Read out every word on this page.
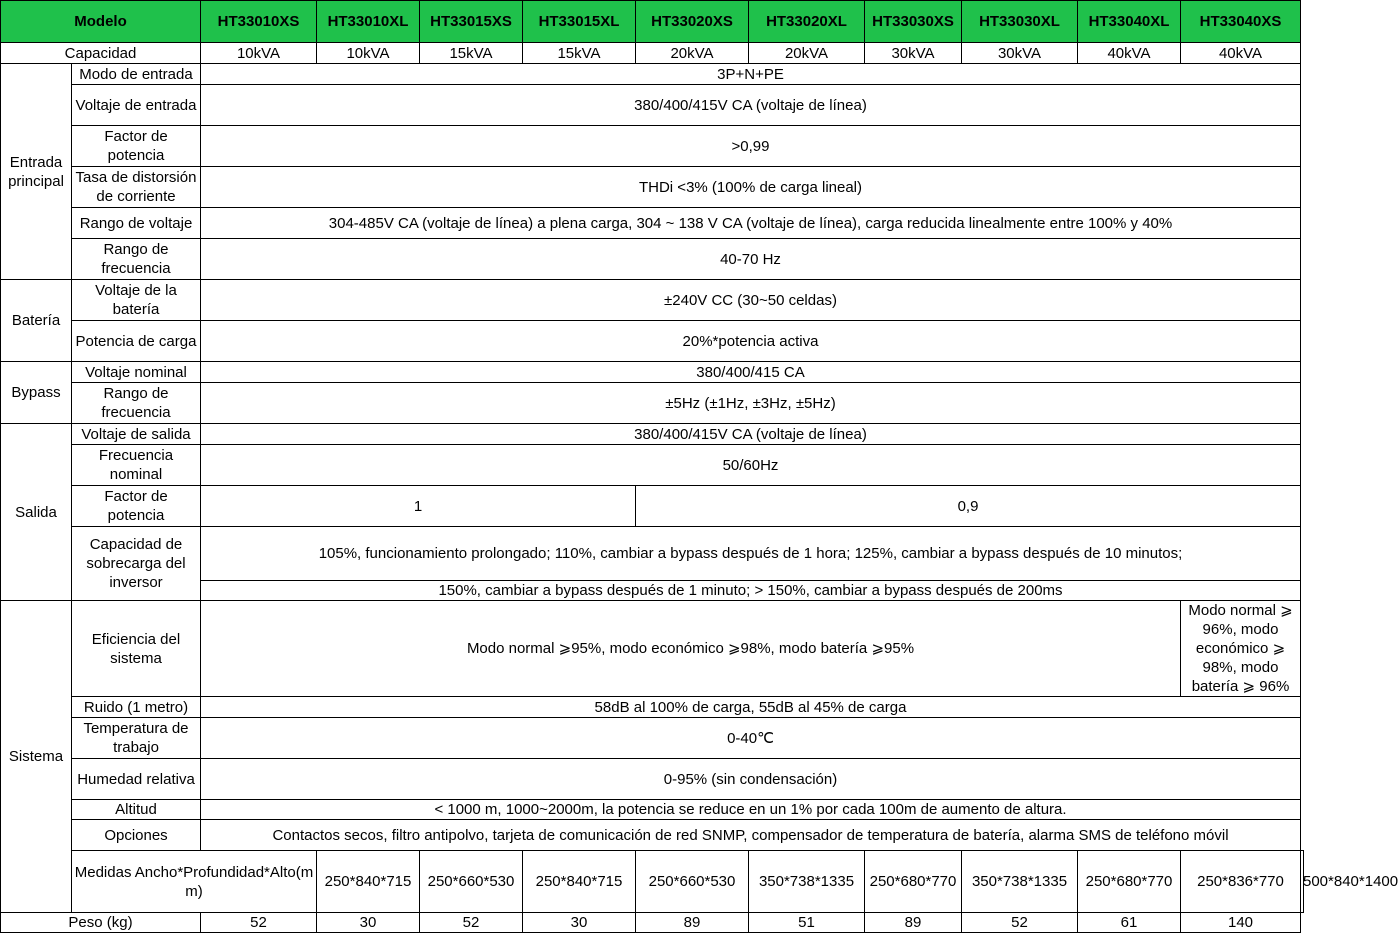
Modelo		HT33010XS	HT33010XL	HT33015XS	HT33015XL	HT33020XS	HT33020XL	HT33030XS	HT33030XL	HT33040XL	HT33040XS	
Capacidad		10kVA	10kVA	15kVA	15kVA	20kVA	20kVA	30kVA	30kVA	40kVA	40kVA	
Entrada principal	Modo de entrada	3P+N+PE										
	Voltaje de entrada	380/400/415V CA (voltaje de línea)										
	Factor de potencia	>0,99										
	Tasa de distorsión de corriente	THDi <3% (100% de carga lineal)										
	Rango de voltaje	304-485V CA (voltaje de línea) a plena carga, 304 ~ 138 V CA (voltaje de línea), carga reducida linealmente entre 100% y 40%										
	Rango de frecuencia	40-70 Hz										
Batería	Voltaje de la batería	±240V CC (30~50 celdas)										
	Potencia de carga	20%*potencia activa										
Bypass	Voltaje nominal	380/400/415 CA										
	Rango de frecuencia	±5Hz (±1Hz, ±3Hz, ±5Hz)										
Salida	Voltaje de salida	380/400/415V CA (voltaje de línea)										
	Frecuencia nominal	50/60Hz										
	Factor de potencia	1				0,9						
	Capacidad de sobrecarga del inversor	105%, funcionamiento prolongado; 110%, cambiar a bypass después de 1 hora; 125%, cambiar a bypass después de 10 minutos;										
		150%, cambiar a bypass después de 1 minuto; > 150%, cambiar a bypass después de 200ms										
Sistema	Eficiencia del sistema	Modo normal ⩾95%, modo económico ⩾98%, modo batería ⩾95%									Modo normal ⩾ 96%, modo económico ⩾ 98%, modo batería ⩾ 96%	
	Ruido (1 metro)	58dB al 100% de carga, 55dB al 45% de carga										
	Temperatura de trabajo	0-40℃										
	Humedad relativa	0-95% (sin condensación)										
	Altitud	< 1000 m, 1000~2000m, la potencia se reduce en un 1% por cada 100m de aumento de altura.										
	Opciones	Contactos secos, filtro antipolvo, tarjeta de comunicación de red SNMP, compensador de temperatura de batería, alarma SMS de teléfono móvil										
	Medidas Ancho*Profundidad*Alto(mm)		250*840*715	250*660*530	250*840*715	250*660*530	350*738*1335	250*680*770	350*738*1335	250*680*770	250*836*770	500*840*1400
Peso (kg)		52	30	52	30	89	51	89	52	61	140	
